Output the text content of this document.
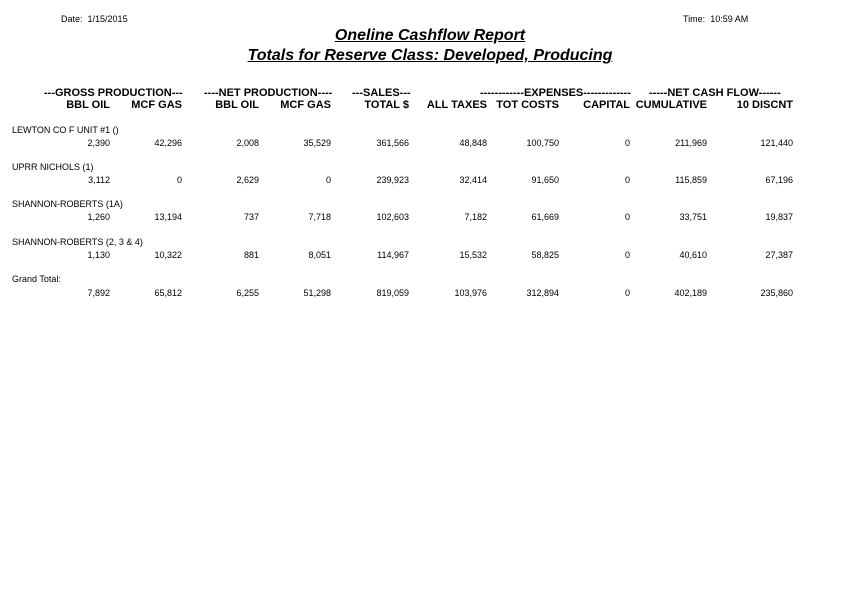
Date: 1/15/2015	Time: 10:59 AM
Oneline Cashflow Report
Totals for Reserve Class: Developed, Producing
---GROSS PRODUCTION--- ----NET PRODUCTION---- ---SALES---	------------EXPENSES------------- -----NET CASH FLOW------
BBL OIL MCF GAS	BBL OIL MCF GAS	TOTAL $ ALL TAXES TOT COSTS CAPITAL CUMULATIVE	10 DISCNT
LEWTON CO F UNIT #1 ()
2,390	42,296	2,008	35,529	361,566	48,848	100,750	0	211,969	121,440
UPRR NICHOLS (1)
3,112	0	2,629	0	239,923	32,414	91,650	0	115,859	67,196
SHANNON-ROBERTS (1A)
1,260	13,194	737	7,718	102,603	7,182	61,669	0	33,751	19,837
SHANNON-ROBERTS (2, 3 & 4)
1,130	10,322	881	8,051	114,967	15,532	58,825	0	40,610	27,387
Grand Total:
7,892	65,812	6,255	51,298	819,059	103,976	312,894	0	402,189	235,860
